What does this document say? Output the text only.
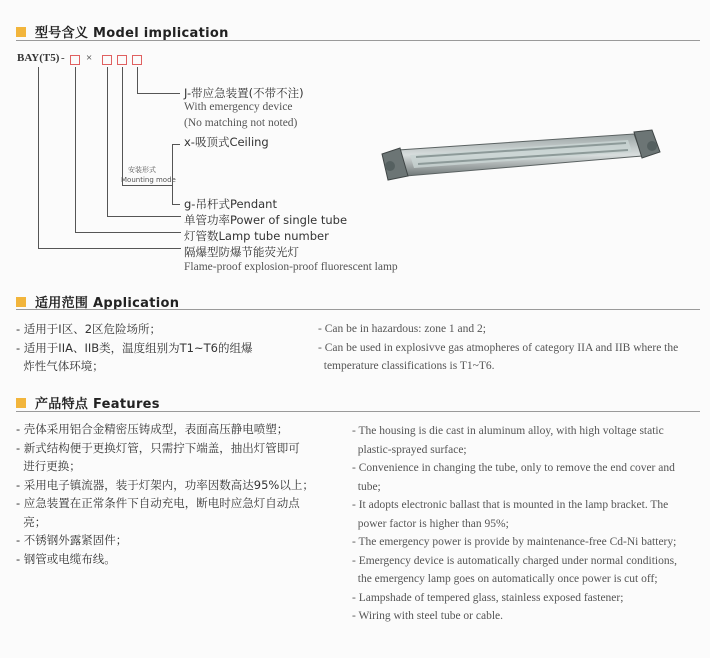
型号含义 Model implication
BAY(T5) - ×
安装形式
Mounting mode
J-带应急装置(不带不注)
With emergency device
(No matching not noted)
x-吸顶式Ceiling
g-吊杆式Pendant
单管功率Power of single tube
灯管数Lamp tube number
隔爆型防爆节能荧光灯
Flame-proof explosion-proof fluorescent lamp
适用范围 Application
- 适用于Ⅰ区、2区危险场所；
- 适用于IIA、IIB类，温度组别为T1~T6的组爆
炸性气体环境；
- Can be in hazardous: zone 1 and 2;
- Can be used in explosivve gas atmopheres of category IIA and IIB where the
temperature classifications is T1~T6.
产品特点 Features
- 壳体采用铝合金精密压铸成型，表面高压静电喷塑；
- 新式结构便于更换灯管，只需拧下端盖，抽出灯管即可
进行更换；
- 采用电子镇流器，装于灯架内，功率因数高达95%以上；
- 应急装置在正常条件下自动充电，断电时应急灯自动点
亮；
- 不锈钢外露紧固件；
- 钢管或电缆布线。
- The housing is die cast in aluminum alloy, with high voltage static
plastic-sprayed surface;
- Convenience in changing the tube, only to remove the end cover and
tube;
- It adopts electronic ballast that is mounted in the lamp bracket. The
power factor is higher than 95%;
- The emergency power is provide by maintenance-free Cd-Ni battery;
- Emergency device is automatically charged under normal conditions,
the emergency lamp goes on automatically once power is cut off;
- Lampshade of tempered glass, stainless exposed fastener;
- Wiring with steel tube or cable.
